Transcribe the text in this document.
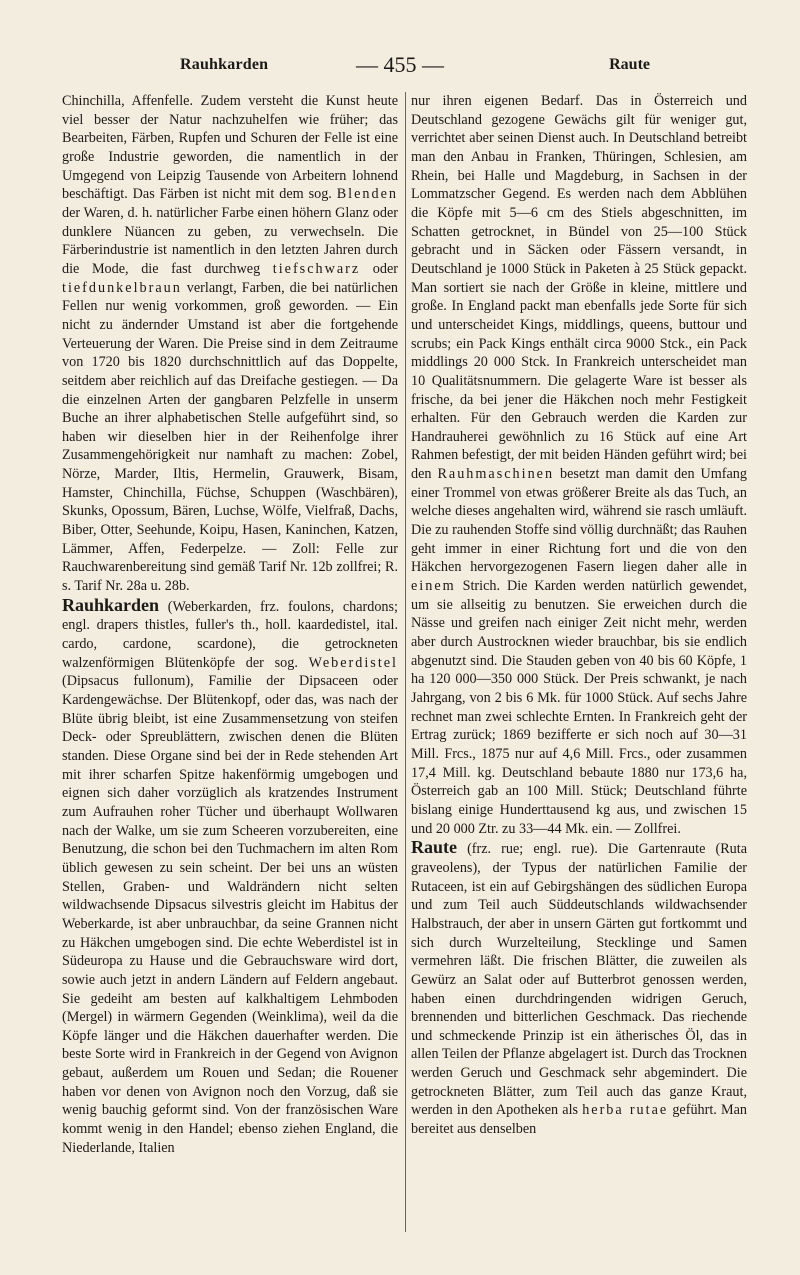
Rauhkarden	— 455 —	Raute

Chinchilla, Affenfelle. Zudem versteht die Kunst heute viel besser der Natur nachzuhelfen wie früher; das Bearbeiten, Färben, Rupfen und Schuren der Felle ist eine große Industrie geworden, die namentlich in der Umgegend von Leipzig Tausende von Arbeitern lohnend beschäftigt. Das Färben ist nicht mit dem sog. Blenden der Waren, d. h. natürlicher Farbe einen höhern Glanz oder dunklere Nüancen zu geben, zu verwechseln. Die Färberindustrie ist namentlich in den letzten Jahren durch die Mode, die fast durchweg tiefschwarz oder tiefdunkelbraun verlangt, Farben, die bei natürlichen Fellen nur wenig vorkommen, groß geworden. — Ein nicht zu ändernder Umstand ist aber die fortgehende Verteuerung der Waren. Die Preise sind in dem Zeitraume von 1720 bis 1820 durchschnittlich auf das Doppelte, seitdem aber reichlich auf das Dreifache gestiegen. — Da die einzelnen Arten der gangbaren Pelzfelle in unserm Buche an ihrer alphabetischen Stelle aufgeführt sind, so haben wir dieselben hier in der Reihenfolge ihrer Zusammengehörigkeit nur namhaft zu machen: Zobel, Nörze, Marder, Iltis, Hermelin, Grauwerk, Bisam, Hamster, Chinchilla, Füchse, Schuppen (Waschbären), Skunks, Opossum, Bären, Luchse, Wölfe, Vielfraß, Dachs, Biber, Otter, Seehunde, Koipu, Hasen, Kaninchen, Katzen, Lämmer, Affen, Federpelze. — Zoll: Felle zur Rauchwarenbereitung sind gemäß Tarif Nr. 12b zollfrei; R. s. Tarif Nr. 28a u. 28b.

Rauhkarden (Weberkarden, frz. foulons, chardons; engl. drapers thistles, fuller's th., holl. kaardedistel, ital. cardo, cardone, scardone), die getrockneten walzenförmigen Blütenköpfe der sog. Weberdistel (Dipsacus fullonum), Familie der Dipsaceen oder Kardengewächse. Der Blütenkopf, oder das, was nach der Blüte übrig bleibt, ist eine Zusammensetzung von steifen Deck- oder Spreublättern, zwischen denen die Blüten standen. Diese Organe sind bei der in Rede stehenden Art mit ihrer scharfen Spitze hakenförmig umgebogen und eignen sich daher vorzüglich als kratzendes Instrument zum Aufrauhen roher Tücher und überhaupt Wollwaren nach der Walke, um sie zum Scheeren vorzubereiten, eine Benutzung, die schon bei den Tuchmachern im alten Rom üblich gewesen zu sein scheint. Der bei uns an wüsten Stellen, Graben- und Waldrändern nicht selten wildwachsende Dipsacus silvestris gleicht im Habitus der Weberkarde, ist aber unbrauchbar, da seine Grannen nicht zu Häkchen umgebogen sind. Die echte Weberdistel ist in Südeuropa zu Hause und die Gebrauchsware wird dort, sowie auch jetzt in andern Ländern auf Feldern angebaut. Sie gedeiht am besten auf kalkhaltigem Lehmboden (Mergel) in wärmern Gegenden (Weinklima), weil da die Köpfe länger und die Häkchen dauerhafter werden. Die beste Sorte wird in Frankreich in der Gegend von Avignon gebaut, außerdem um Rouen und Sedan; die Rouener haben vor denen von Avignon noch den Vorzug, daß sie wenig bauchig geformt sind. Von der französischen Ware kommt wenig in den Handel; ebenso ziehen England, die Niederlande, Italien

nur ihren eigenen Bedarf. Das in Österreich und Deutschland gezogene Gewächs gilt für weniger gut, verrichtet aber seinen Dienst auch. In Deutschland betreibt man den Anbau in Franken, Thüringen, Schlesien, am Rhein, bei Halle und Magdeburg, in Sachsen in der Lommatzscher Gegend. Es werden nach dem Abblühen die Köpfe mit 5—6 cm des Stiels abgeschnitten, im Schatten getrocknet, in Bündel von 25—100 Stück gebracht und in Säcken oder Fässern versandt, in Deutschland je 1000 Stück in Paketen à 25 Stück gepackt. Man sortiert sie nach der Größe in kleine, mittlere und große. In England packt man ebenfalls jede Sorte für sich und unterscheidet Kings, middlings, queens, buttour und scrubs; ein Pack Kings enthält circa 9000 Stck., ein Pack middlings 20 000 Stck. In Frankreich unterscheidet man 10 Qualitätsnummern. Die gelagerte Ware ist besser als frische, da bei jener die Häkchen noch mehr Festigkeit erhalten. Für den Gebrauch werden die Karden zur Handrauherei gewöhnlich zu 16 Stück auf eine Art Rahmen befestigt, der mit beiden Händen geführt wird; bei den Rauhmaschinen besetzt man damit den Umfang einer Trommel von etwas größerer Breite als das Tuch, an welche dieses angehalten wird, während sie rasch umläuft. Die zu rauhenden Stoffe sind völlig durchnäßt; das Rauhen geht immer in einer Richtung fort und die von den Häkchen hervorgezogenen Fasern liegen daher alle in einem Strich. Die Karden werden natürlich gewendet, um sie allseitig zu benutzen. Sie erweichen durch die Nässe und greifen nach einiger Zeit nicht mehr, werden aber durch Austrocknen wieder brauchbar, bis sie endlich abgenutzt sind. Die Stauden geben von 40 bis 60 Köpfe, 1 ha 120 000—350 000 Stück. Der Preis schwankt, je nach Jahrgang, von 2 bis 6 Mk. für 1000 Stück. Auf sechs Jahre rechnet man zwei schlechte Ernten. In Frankreich geht der Ertrag zurück; 1869 bezifferte er sich noch auf 30—31 Mill. Frcs., 1875 nur auf 4,6 Mill. Frcs., oder zusammen 17,4 Mill. kg. Deutschland bebaute 1880 nur 173,6 ha, Österreich gab an 100 Mill. Stück; Deutschland führte bislang einige Hunderttausend kg aus, und zwischen 15 und 20 000 Ztr. zu 33—44 Mk. ein. — Zollfrei.

Raute (frz. rue; engl. rue). Die Gartenraute (Ruta graveolens), der Typus der natürlichen Familie der Rutaceen, ist ein auf Gebirgshängen des südlichen Europa und zum Teil auch Süddeutschlands wildwachsender Halbstrauch, der aber in unsern Gärten gut fortkommt und sich durch Wurzelteilung, Stecklinge und Samen vermehren läßt. Die frischen Blätter, die zuweilen als Gewürz an Salat oder auf Butterbrot genossen werden, haben einen durchdringenden widrigen Geruch, brennenden und bitterlichen Geschmack. Das riechende und schmeckende Prinzip ist ein ätherisches Öl, das in allen Teilen der Pflanze abgelagert ist. Durch das Trocknen werden Geruch und Geschmack sehr abgemindert. Die getrockneten Blätter, zum Teil auch das ganze Kraut, werden in den Apotheken als herba rutae geführt. Man bereitet aus denselben
